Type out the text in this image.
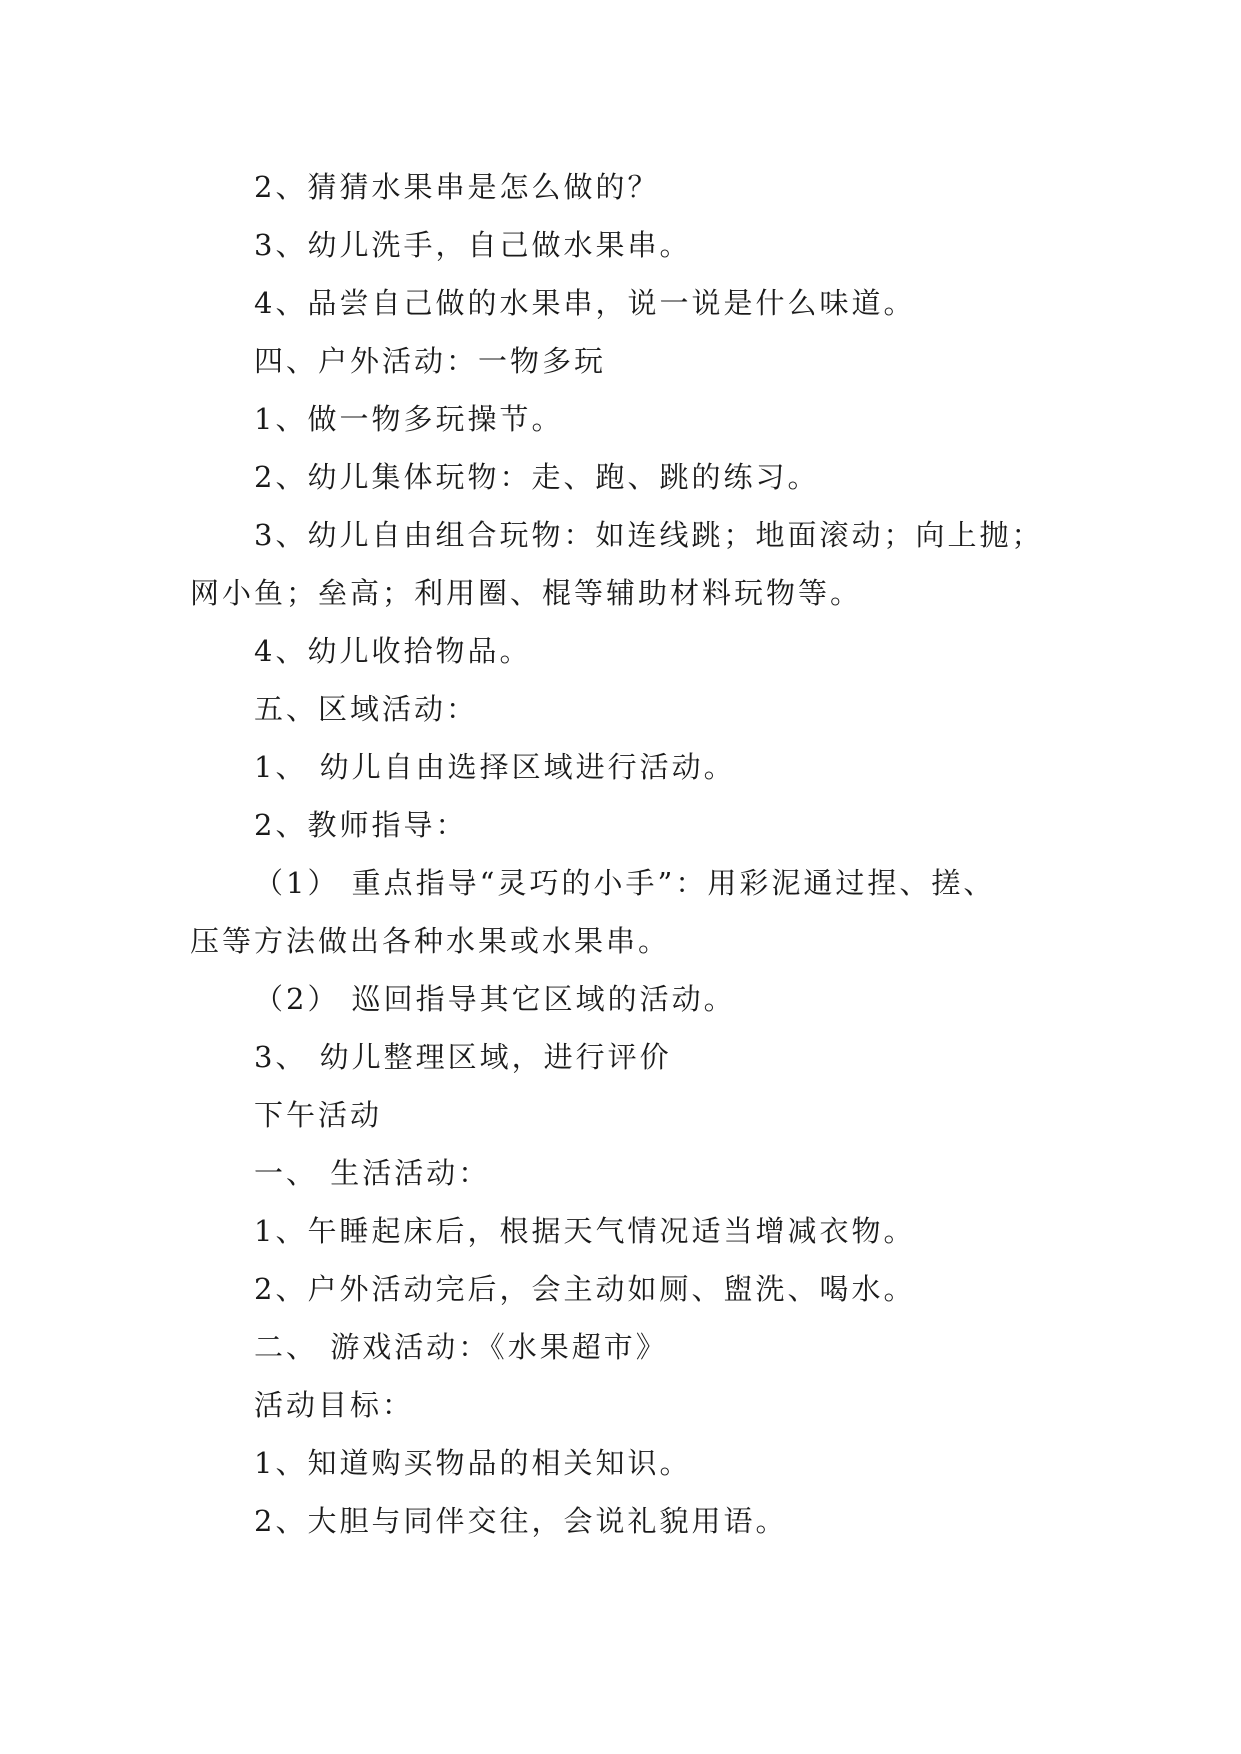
2、猜猜水果串是怎么做的？
3、幼儿洗手，自己做水果串。
4、品尝自己做的水果串，说一说是什么味道。
四、户外活动：一物多玩
1、做一物多玩操节。
2、幼儿集体玩物：走、跑、跳的练习。
3、幼儿自由组合玩物：如连线跳；地面滚动；向上抛；
网小鱼；垒高；利用圈、棍等辅助材料玩物等。
4、幼儿收拾物品。
五、区域活动：
1、 幼儿自由选择区域进行活动。
2、教师指导：
（1） 重点指导“灵巧的小手”：用彩泥通过捏、搓、
压等方法做出各种水果或水果串。
（2） 巡回指导其它区域的活动。
3、 幼儿整理区域，进行评价
下午活动
一、 生活活动：
1、午睡起床后，根据天气情况适当增减衣物。
2、户外活动完后，会主动如厕、盥洗、喝水。
二、 游戏活动：《水果超市》
活动目标：
1、知道购买物品的相关知识。
2、大胆与同伴交往，会说礼貌用语。
